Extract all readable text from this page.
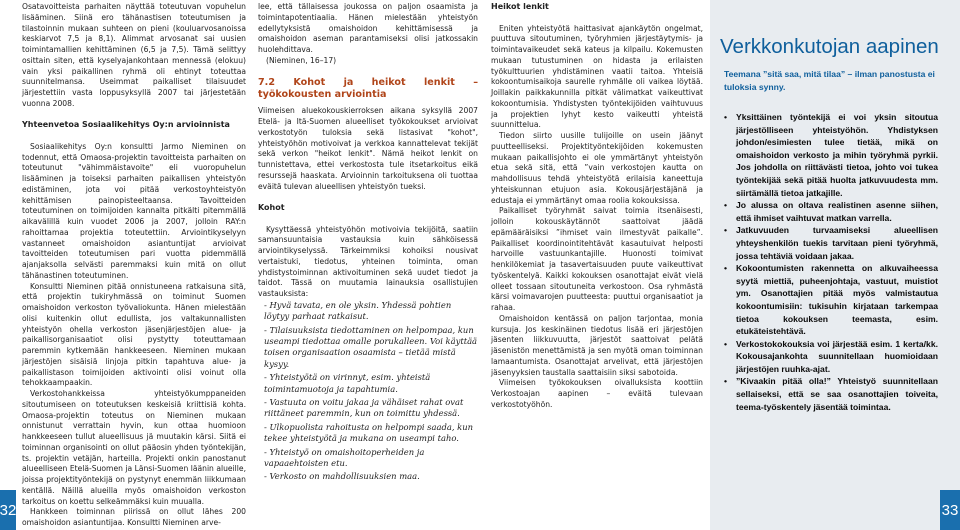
Osatavoitteista parhaiten näyttää toteutuvan vopuhelun lisääminen. Siinä ero tähänastisen toteutumisen ja tilastoinnin mukaan suhteen on pieni (kouluarvosanoissa keskiarvot 7,5 ja 8,1). Alimmat arvosanat sai uusien toimintamallien kehittäminen (6,5 ja 7,5). Tämä selittyy osittain siten, että kyselyajankohtaan mennessä (elokuu) vain yksi paikallinen ryhmä oli ehtinyt toteuttaa suunnitelmansa. Useimmat paikalliset tilaisuudet järjestettiin vasta loppusyksyllä 2007 tai järjestetään vuonna 2008.

Yhteenvetoa Sosiaalikehitys Oy:n arvioinnista

Sosiaalikehitys Oy:n konsultti Jarmo Nieminen on todennut, että Omaosa-projektin tavoitteista parhaiten on toteutunut "vähimmäistavoite" eli vuoropuhelun lisääminen ja toiseksi parhaiten paikallisen yhteistyön edistäminen, jota voi pitää verkostoyhteistyön kehittämisen painopisteeltaansa. Tavoitteiden toteutuminen on toimijoiden kannalta pitkälti pitemmällä aikavälillä kuin vuodet 2006 ja 2007, jolloin RAY:n rahoittamaa projektia toteutettiin. Arviointikyselyyn vastanneet omaishoidon asiantuntijat arvioivat tavoitteiden toteutumisen pari vuotta pidemmällä ajanjaksolla selvästi paremmaksi kuin mitä on ollut tähänastinen toteutuminen.

Konsultti Nieminen pitää onnistuneena ratkaisuna sitä, että projektin tukiryhmässä on toiminut Suomen omaishoidon verkoston työvaliokunta. Hänen mielestään olisi kuitenkin ollut edullista, jos valtakunnallisten yhteistyön ohella verkoston jäsenjärjestöjen alue- ja paikallisorganisaatiot olisi pystytty toteuttamaan paremmin kytkemään hankkeeseen. Nieminen mukaan järjestöjen sisäisiä linjoja pitkin tapahtuva alue- ja paikallistason toimijoiden aktivointi olisi voinut olla tehokkaampaakin.

Verkostohankkeissa yhteistyökumppaneiden sitoutumiseen on toteutuksen keskeisiä kriittisiä kohta. Omaosa-projektin toteutus on Nieminen mukaan onnistunut verrattain hyvin, kun ottaa huomioon hankkeeseen tullut alueellisuus jä muutakin kärsi. Siitä ei toiminnan organisointi on ollut pääosin yhden työntekijän, ts. projektin vetäjän, harteilla. Projekti onkin panostanut alueelliseen Etelä-Suomen ja Länsi-Suomen läänin alueille, joissa projektityöntekijä on pystynyt enemmän liikkumaan kentällä. Näillä alueilla myös omaishoidon verkoston tarkoitus on koettu selkeämmäksi kuin muualla.

Hankkeen toiminnan piirissä on ollut lähes 200 omaishoidon asiantuntijaa. Konsultti Nieminen arve-

lee, että tällaisessa joukossa on paljon osaamista ja toimintapotentiaalia. Hänen mielestään yhteistyön edellytyksistä omaishoidon kehittämisessä ja omaishoidon aseman parantamiseksi olisi jatkossakin huolehdittava.

(Nieminen, 16–17)

7.2 Kohot ja heikot lenkit – työkokousten arviointia

Viimeisen aluekokouskierroksen aikana syksyllä 2007 Etelä- ja Itä-Suomen alueelliset työkokoukset arvioivat verkostotyön tuloksia sekä listasivat "kohot", yhteistyöhön motivoivat ja verkkoa kannattelevat tekijät sekä verkon "heikot lenkit". Nämä heikot lenkit on tunnistettava, ettei verkostosta tule itsetarkoitus eikä resurssejä haaskata. Arvioinnin tarkoituksena oli tuottaa eväitä tulevan alueellisen yhteistyön tueksi.

Kohot

Kysyttäessä yhteistyöhön motivoivia tekijöitä, saatiin samansuuntaisia vastauksia kuin sähköisessä arviointikyselyssä. Tärkeimmiksi kohoiksi nousivat vertaistuki, tiedotus, yhteinen toiminta, oman yhdistystoiminnan aktivoituminen sekä uudet tiedot ja taidot. Tässä on muutamia lainauksia osallistujien vastauksista:

- Hyvä tavata, en ole yksin. Yhdessä pohtien löytyy parhaat ratkaisut.

- Tilaisuuksista tiedottaminen on helpompaa, kun useampi tiedottaa omalle porukalleen. Voi käyttää toisen organisaation osaamista – tietää mistä kysyy.

- Yhteistyötä on virinnyt, esim. yhteistä toimintamuotoja ja tapahtumia.

- Vastuuta on voitu jakaa ja vähäiset rahat ovat riittäneet paremmin, kun on toimittu yhdessä.

- Ulkopuolista rahoitusta on helpompi saada, kun tekee yhteistyötä ja mukana on useampi taho.

- Yhteistyö on omaishoitoperheiden ja vapaaehtoisten etu.

- Verkosto on mahdollisuuksien maa.

Heikot lenkit

Eniten yhteistyötä haittasivat ajankäytön ongelmat, puuttuva sitoutuminen, työryhmien järjestäytymis- ja toimintavaikeudet sekä kateus ja kilpailu. Kokemusten mukaan tutustuminen on hidasta ja erilaisten työkulttuurien yhdistäminen vaatii taitoa. Yhteisiä kokoontumisaikoja saurelle ryhmälle oli vaikea löytää. Joillakin paikkakunnilla pitkät välimatkat vaikeuttivat kokoontumisia. Yhdistysten työntekijöiden vaihtuvuus ja projektien lyhyt kesto vaikeutti yhteistä suunnittelua.

Tiedon siirto uusille tulijoille on usein jäänyt puutteelliseksi. Projektityöntekijöiden kokemusten mukaan paikallisjohto ei ole ymmärtänyt yhteistyön etua sekä sitä, että ”vain verkostojen kautta on mahdollisuus tehdä yhteistyötä erilaisia kaneettuja yhteiskunnan etujuon asia. Kokousjärjestäjänä ja edustaja ei ymmärtänyt omaa roolia kokouksissa.

Paikalliset työryhmät saivat toimia itsenäisesti, jolloin kokouskäytännöt saattoivat jäädä epämääräisiksi ”ihmiset vain ilmestyvät paikalle”. Paikalliset koordinointitehtävät kasautuivat helposti harvoille vastuunkantajille. Huonosti toimivat henkilökemiat ja tasavertaisuuden puute vaikeuttivat työskentelyä. Kaikki kokouksen osanottajat eivät vielä olleet tossaan sitoutuneita verkostoon. Osa ryhmästä kärsi voimavarojen puutteesta: puuttui organisaatiot ja rahaa.

Omaishoidon kentässä on paljon tarjontaa, monia kursuja. Jos keskinäinen tiedotus lisää eri järjestöjen jäsenten liikkuvuutta, järjestöt saattoivat pelätä jäsenistön menettämistä ja sen myötä oman toiminnan lamaantumista. Osanottajat arvelivat, että järjestöjen jäsenyyksien taustalla saattaisiin siksi sabotoida.

Viimeisen työkokouksen oivalluksista koottiin Verkostoajan aapinen – eväitä tulevaan verkostotyöhön.

Verkkonkutojan aapinen

Teemana ”sitä saa, mitä tilaa” – ilman panostusta ei tuloksia synny.

• Yksittäinen työntekijä ei voi yksin sitoutua järjestölliseen yhteistyöhön. Yhdistyksen johdon/esimiesten tulee tietää, mikä on omaishoidon verkosto ja mihin työryhmä pyrkii. Jos johdolla on riittävästi tietoa, johto voi tukea työntekijää sekä pitää huolta jatkuvuudesta mm. siirtämällä tietoa jatkajille.
• Jo alussa on oltava realistinen asenne siihen, että ihmiset vaihtuvat matkan varrella.
• Jatkuvuuden turvaamiseksi alueellisen yhteyshenkilön tuekis tarvitaan pieni työryhmä, jossa tehtäviä voidaan jakaa.
• Kokoontumisten rakennetta on alkuvaiheessa syytä miettiä, puheenjohtaja, vastuut, muistiot ym. Osanottajien pitää myös valmistautua kokoontumisiin: tukisuhin kirjataan tarkempaa tietoa kokouksen teemasta, esim. etukäteistehtävä.
• Verkostokokouksia voi järjestää esim. 1 kerta/kk. Kokousajankohta suunnitellaan huomioidaan järjestöjen ruuhka-ajat.
• ”Kivaakin pitää olla!” Yhteistyö suunnitellaan sellaiseksi, että se saa osanottajien toiveita, teema-työskentely jäsentää toimintaa.
32	33
